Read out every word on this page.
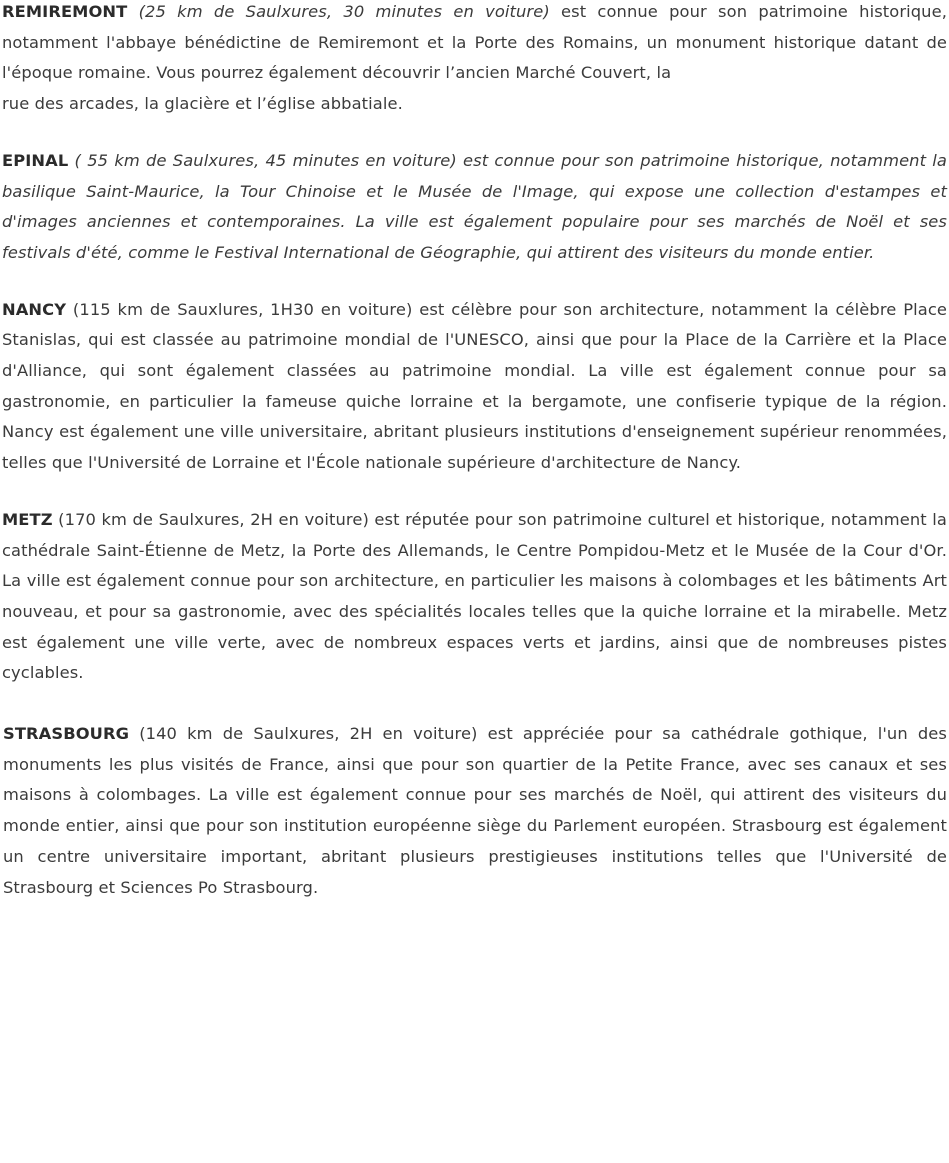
REMIREMONT (25 km de Saulxures, 30 minutes en voiture) est connue pour son patrimoine historique, notamment l'abbaye bénédictine de Remiremont et la Porte des Romains, un monument historique datant de l'époque romaine. Vous pourrez également découvrir l’ancien Marché Couvert, la

rue des arcades, la glacière et l’église abbatiale.

EPINAL ( 55 km de Saulxures, 45 minutes en voiture) est connue pour son patrimoine historique, notamment la basilique Saint-Maurice, la Tour Chinoise et le Musée de l'Image, qui expose une collection d'estampes et d'images anciennes et contemporaines. La ville est également populaire pour ses marchés de Noël et ses festivals d'été, comme le Festival International de Géographie, qui attirent des visiteurs du monde entier.

NANCY (115 km de Sauxlures, 1H30 en voiture) est célèbre pour son architecture, notamment la célèbre Place Stanislas, qui est classée au patrimoine mondial de l'UNESCO, ainsi que pour la Place de la Carrière et la Place d'Alliance, qui sont également classées au patrimoine mondial. La ville est également connue pour sa gastronomie, en particulier la fameuse quiche lorraine et la bergamote, une confiserie typique de la région. Nancy est également une ville universitaire, abritant plusieurs institutions d'enseignement supérieur renommées, telles que l'Université de Lorraine et l'École nationale supérieure d'architecture de Nancy.

METZ (170 km de Saulxures, 2H en voiture) est réputée pour son patrimoine culturel et historique, notamment la cathédrale Saint-Étienne de Metz, la Porte des Allemands, le Centre Pompidou-Metz et le Musée de la Cour d'Or. La ville est également connue pour son architecture, en particulier les maisons à colombages et les bâtiments Art nouveau, et pour sa gastronomie, avec des spécialités locales telles que la quiche lorraine et la mirabelle. Metz est également une ville verte, avec de nombreux espaces verts et jardins, ainsi que de nombreuses pistes cyclables.

STRASBOURG (140 km de Saulxures, 2H en voiture) est appréciée pour sa cathédrale gothique, l'un des monuments les plus visités de France, ainsi que pour son quartier de la Petite France, avec ses canaux et ses maisons à colombages. La ville est également connue pour ses marchés de Noël, qui attirent des visiteurs du monde entier, ainsi que pour son institution européenne siège du Parlement européen. Strasbourg est également un centre universitaire important, abritant plusieurs prestigieuses institutions telles que l'Université de Strasbourg et Sciences Po Strasbourg.
